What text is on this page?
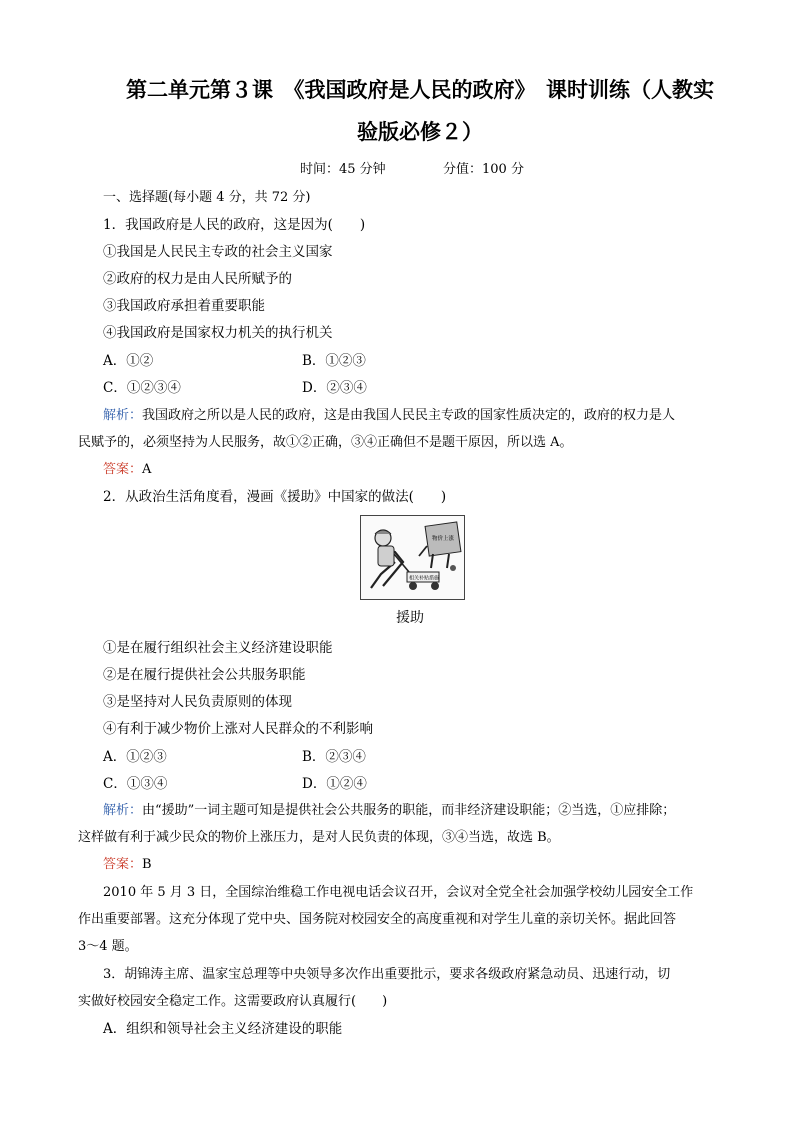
第二单元第３课　《我国政府是人民的政府》　课时训练（人教实
验版必修２）
时间：45 分钟	分值：100 分
一、选择题(每小题 4 分，共 72 分)
1．我国政府是人民的政府，这是因为(　　)
①我国是人民民主专政的社会主义国家
②政府的权力是由人民所赋予的
③我国政府承担着重要职能
④我国政府是国家权力机关的执行机关
A．①②	B．①②③
C．①②③④	D．②③④
解析：我国政府之所以是人民的政府，这是由我国人民民主专政的国家性质决定的，政府的权力是人
民赋予的，必须坚持为人民服务，故①②正确，③④正确但不是题干原因，所以选 A。
答案：A
2．从政治生活角度看，漫画《援助》中国家的做法(　　)
相关补贴措施
物价上涨
援助
①是在履行组织社会主义经济建设职能
②是在履行提供社会公共服务职能
③是坚持对人民负责原则的体现
④有利于减少物价上涨对人民群众的不利影响
A．①②③	B．②③④
C．①③④	D．①②④
解析：由“援助”一词主题可知是提供社会公共服务的职能，而非经济建设职能；②当选，①应排除；
这样做有利于减少民众的物价上涨压力，是对人民负责的体现，③④当选，故选 B。
答案：B
2010 年 5 月 3 日，全国综治维稳工作电视电话会议召开，会议对全党全社会加强学校幼儿园安全工作
作出重要部署。这充分体现了党中央、国务院对校园安全的高度重视和对学生儿童的亲切关怀。据此回答
3～4 题。
3．胡锦涛主席、温家宝总理等中央领导多次作出重要批示，要求各级政府紧急动员、迅速行动，切
实做好校园安全稳定工作。这需要政府认真履行(　　)
A．组织和领导社会主义经济建设的职能
